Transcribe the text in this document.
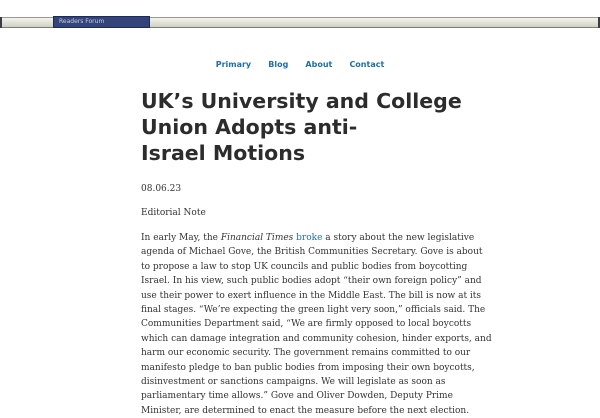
Readers Forum
Primary Blog About Contact
UK’s University and College
Union Adopts anti-
Israel Motions
08.06.23
Editorial Note
In early May, the Financial Times broke a story about the new legislative
agenda of Michael Gove, the British Communities Secretary. Gove is about
to propose a law to stop UK councils and public bodies from boycotting
Israel. In his view, such public bodies adopt “their own foreign policy” and
use their power to exert influence in the Middle East. The bill is now at its
final stages. “We’re expecting the green light very soon,” officials said. The
Communities Department said, “We are firmly opposed to local boycotts
which can damage integration and community cohesion, hinder exports, and
harm our economic security. The government remains committed to our
manifesto pledge to ban public bodies from imposing their own boycotts,
disinvestment or sanctions campaigns. We will legislate as soon as
parliamentary time allows.” Gove and Oliver Dowden, Deputy Prime
Minister, are determined to enact the measure before the next election.
